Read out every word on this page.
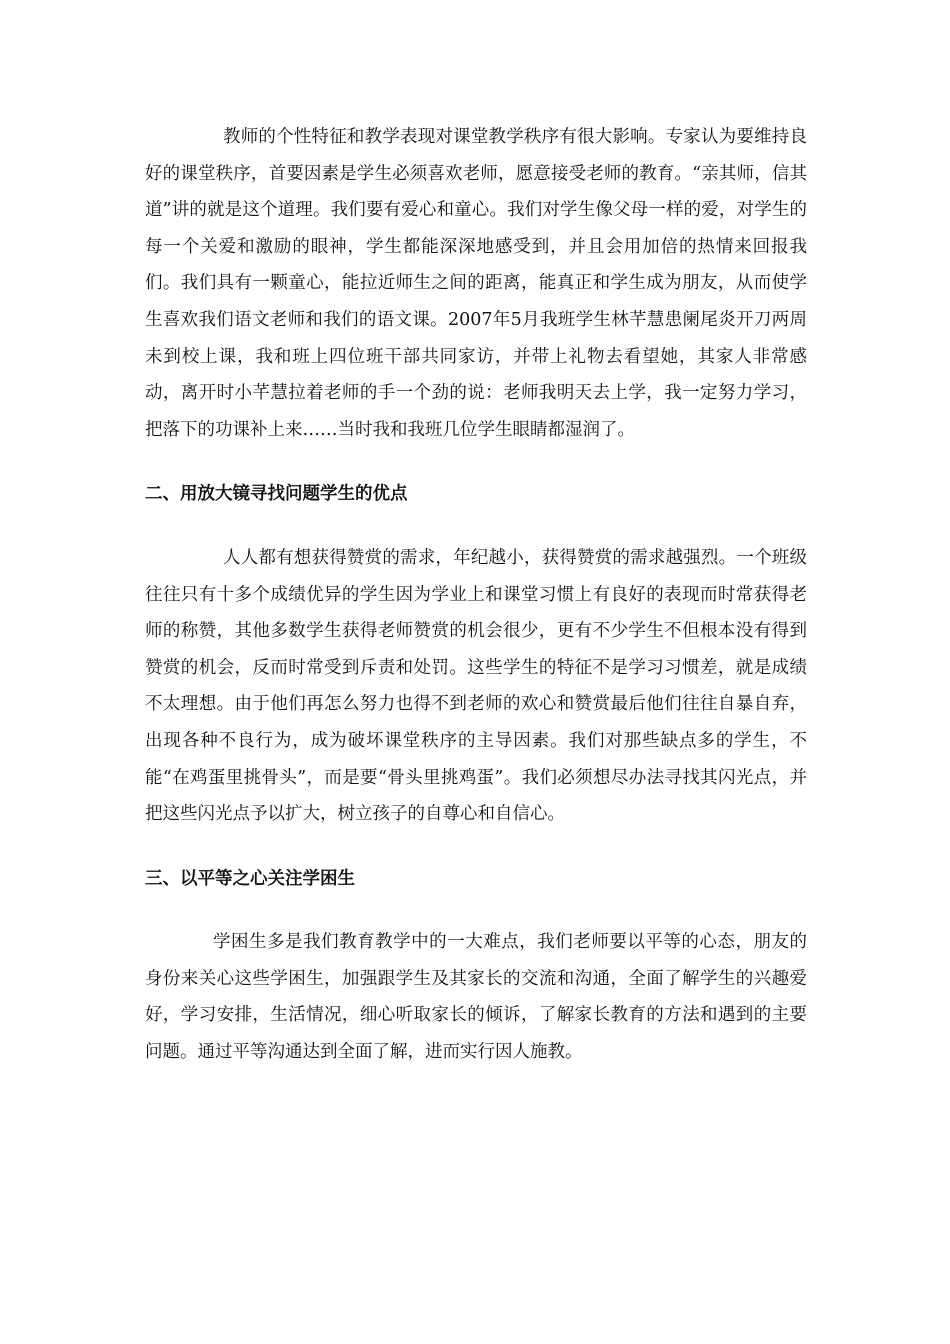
教师的个性特征和教学表现对课堂教学秩序有很大影响。专家认为要维持良好的课堂秩序，首要因素是学生必须喜欢老师，愿意接受老师的教育。“亲其师，信其道”讲的就是这个道理。我们要有爱心和童心。我们对学生像父母一样的爱，对学生的每一个关爱和激励的眼神，学生都能深深地感受到，并且会用加倍的热情来回报我们。我们具有一颗童心，能拉近师生之间的距离，能真正和学生成为朋友，从而使学生喜欢我们语文老师和我们的语文课。2007年5月我班学生林芊慧患阑尾炎开刀两周未到校上课，我和班上四位班干部共同家访，并带上礼物去看望她，其家人非常感动，离开时小芊慧拉着老师的手一个劲的说：老师我明天去上学，我一定努力学习，把落下的功课补上来……当时我和我班几位学生眼睛都湿润了。

二、用放大镜寻找问题学生的优点

人人都有想获得赞赏的需求，年纪越小，获得赞赏的需求越强烈。一个班级往往只有十多个成绩优异的学生因为学业上和课堂习惯上有良好的表现而时常获得老师的称赞，其他多数学生获得老师赞赏的机会很少，更有不少学生不但根本没有得到赞赏的机会，反而时常受到斥责和处罚。这些学生的特征不是学习习惯差，就是成绩不太理想。由于他们再怎么努力也得不到老师的欢心和赞赏最后他们往往自暴自弃，出现各种不良行为，成为破坏课堂秩序的主导因素。我们对那些缺点多的学生，不能“在鸡蛋里挑骨头”，而是要“骨头里挑鸡蛋”。我们必须想尽办法寻找其闪光点，并把这些闪光点予以扩大，树立孩子的自尊心和自信心。

三、以平等之心关注学困生

学困生多是我们教育教学中的一大难点，我们老师要以平等的心态，朋友的身份来关心这些学困生，加强跟学生及其家长的交流和沟通，全面了解学生的兴趣爱好，学习安排，生活情况，细心听取家长的倾诉，了解家长教育的方法和遇到的主要问题。通过平等沟通达到全面了解，进而实行因人施教。
